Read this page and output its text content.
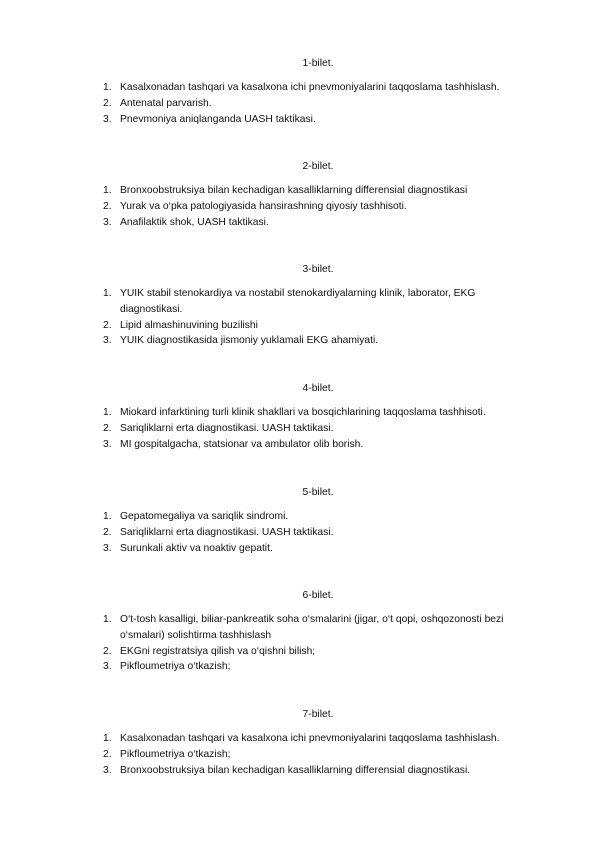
1-bilet.
1. Kasalxonadan tashqari va kasalxona ichi pnevmoniyalarini taqqoslama tashhislash.
2. Antenatal parvarish.
3. Pnevmoniya aniqlanganda UASH taktikasi.
2-bilet.
1. Bronxoobstruksiya bilan kechadigan kasalliklarning differensial diagnostikasi
2. Yurak va o‘pka patologiyasida hansirashning qiyosiy tashhisoti.
3. Anafilaktik shok, UASH taktikasi.
3-bilet.
1. YUIK stabil stenokardiya va nostabil stenokardiyalarning klinik, laborator, EKG diagnostikasi.
2. Lipid almashinuvining buzilishi
3. YUIK diagnostikasida jismoniy yuklamali EKG ahamiyati.
4-bilet.
1. Miokard infarktining turli klinik shakllari va bosqichlarining taqqoslama tashhisoti.
2. Sariqliklarni erta diagnostikasi. UASH taktikasi.
3. MI gospitalgacha, statsionar va ambulator olib borish.
5-bilet.
1. Gepatomegaliya va sariqlik sindromi.
2. Sariqliklarni erta diagnostikasi. UASH taktikasi.
3. Surunkali aktiv va noaktiv gepatit.
6-bilet.
1. O‘t-tosh kasalligi, biliar-pankreatik soha o‘smalarini (jigar, o‘t qopi, oshqozonosti bezi o‘smalari) solishtirma tashhislash
2. EKGni registratsiya qilish va o‘qishni bilish;
3. Pikfloumetriya o‘tkazish;
7-bilet.
1. Kasalxonadan tashqari va kasalxona ichi pnevmoniyalarini taqqoslama tashhislash.
2. Pikfloumetriya o‘tkazish;
3. Bronxoobstruksiya bilan kechadigan kasalliklarning differensial diagnostikasi.
